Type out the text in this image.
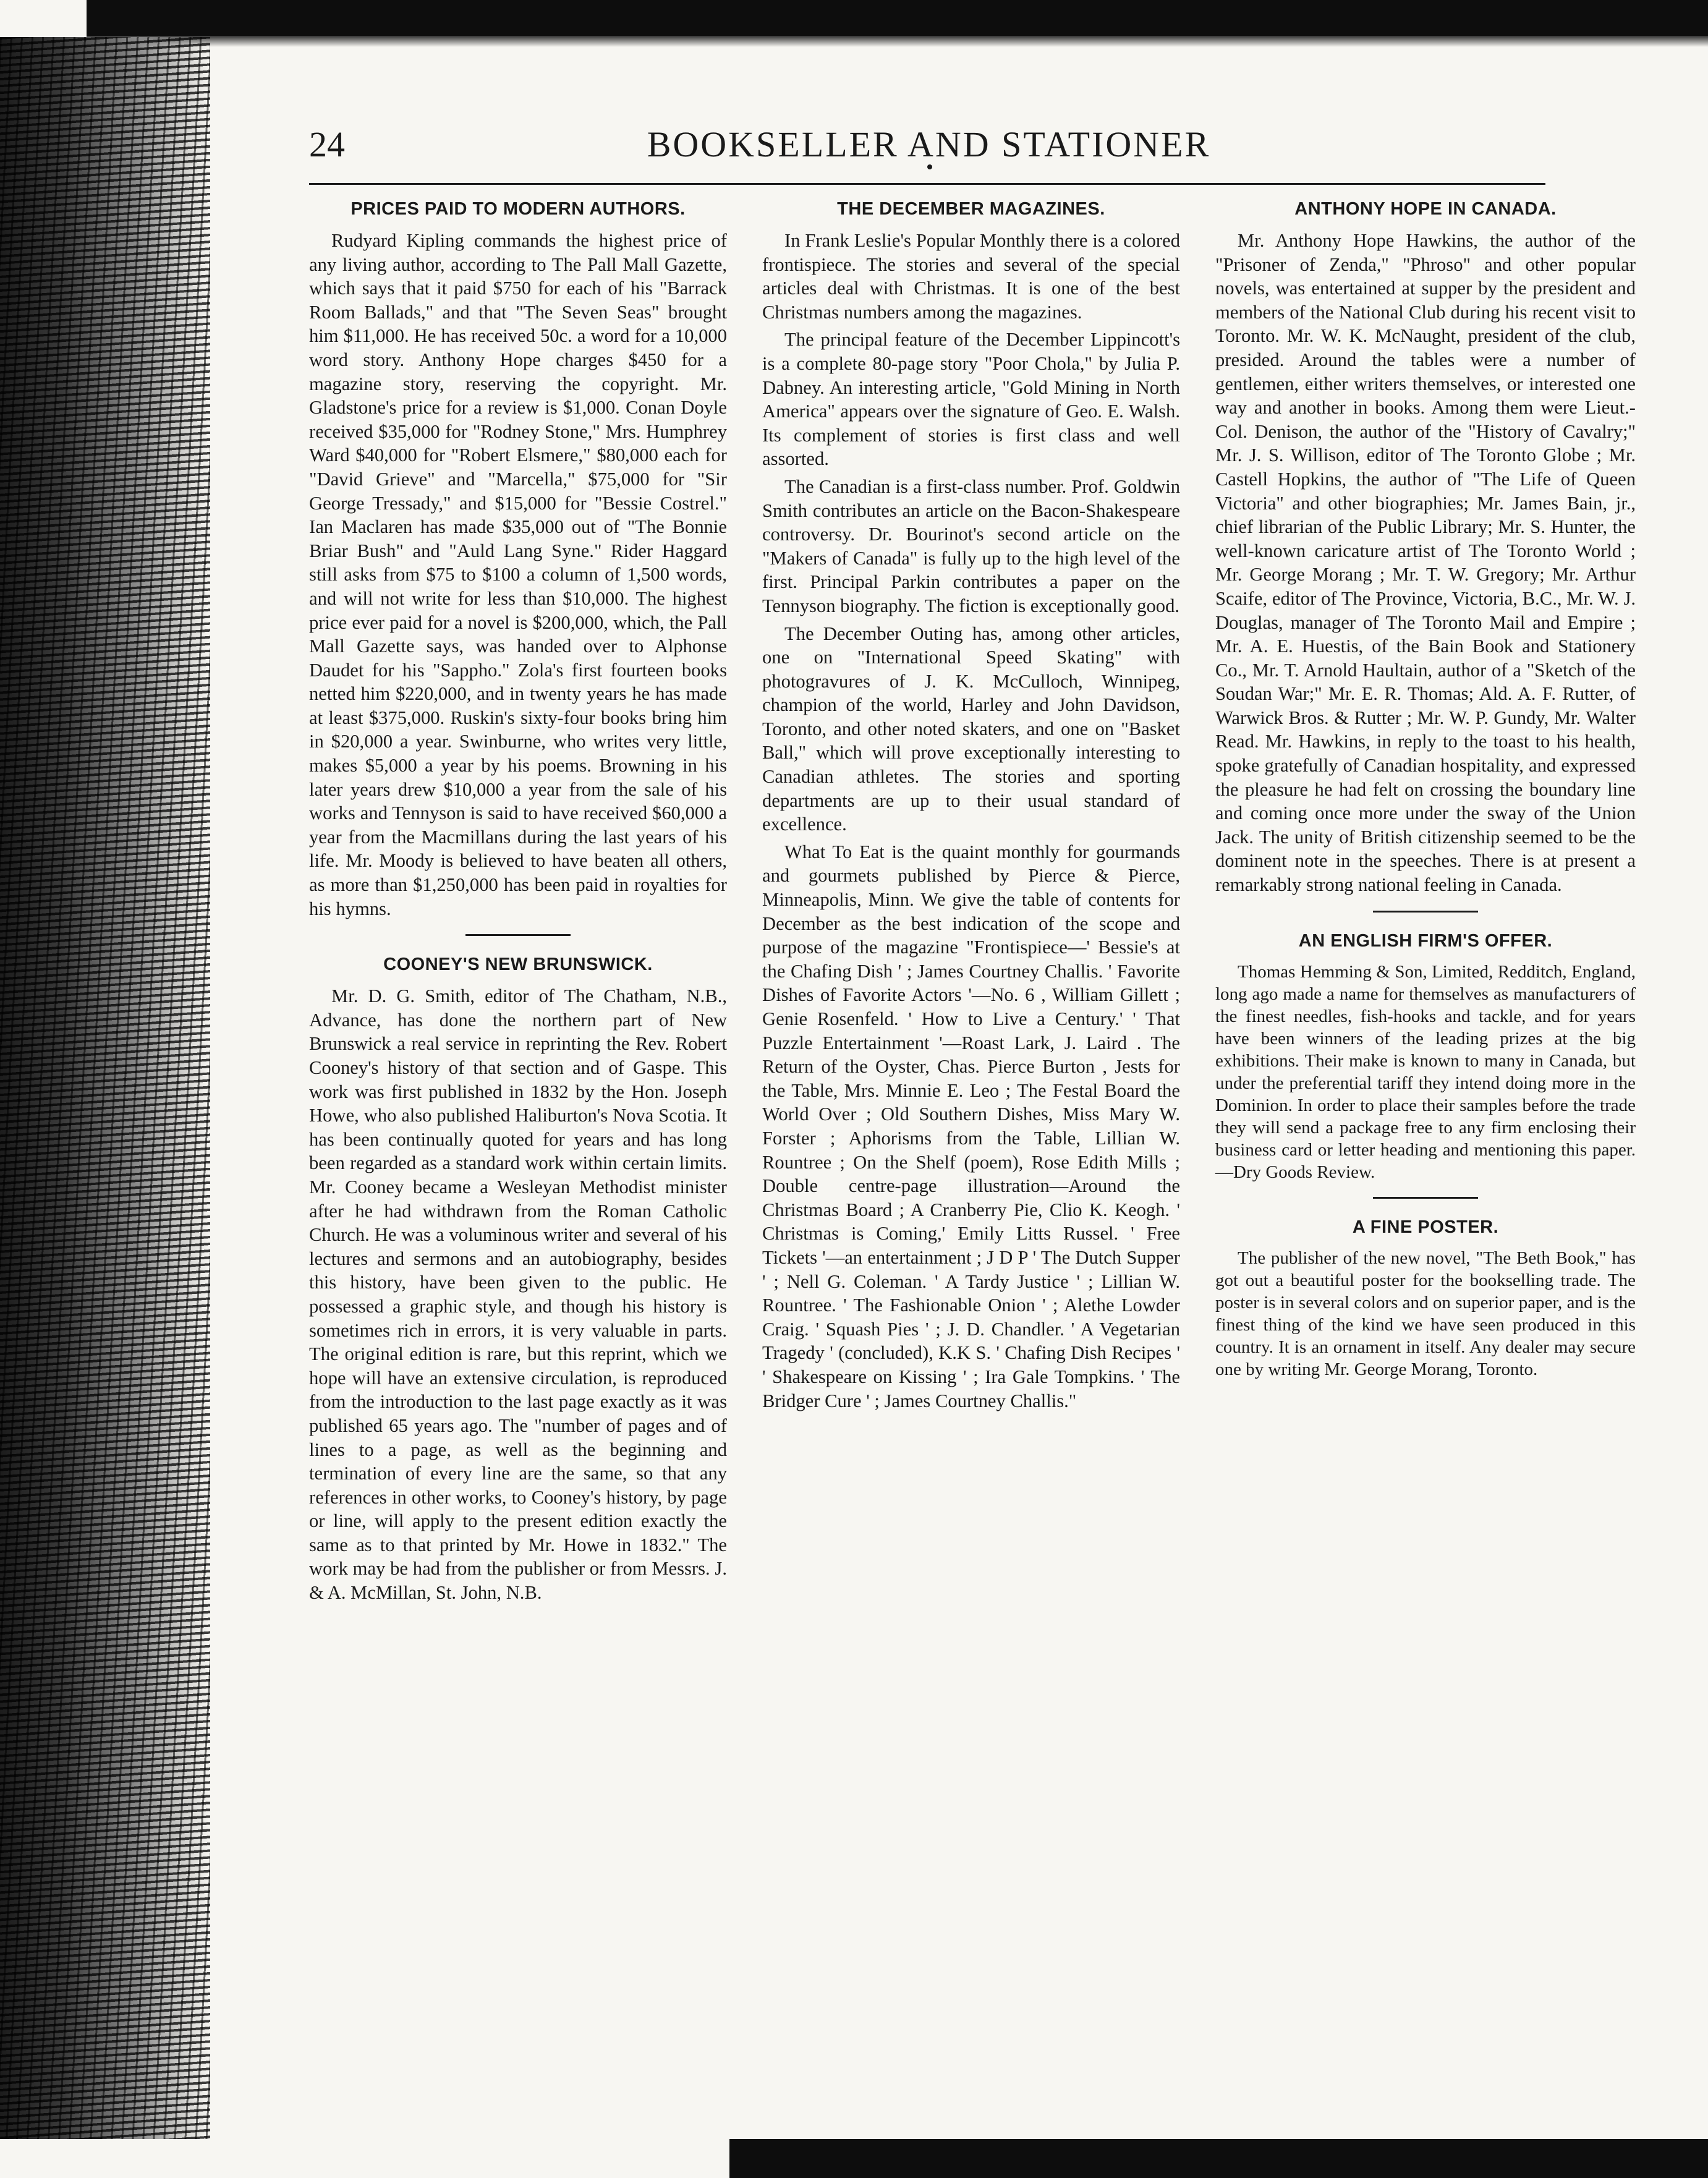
24	BOOKSELLER AND STATIONER
PRICES PAID TO MODERN AUTHORS.

Rudyard Kipling commands the highest price of any living author, according to The Pall Mall Gazette, which says that it paid $750 for each of his "Barrack Room Ballads," and that "The Seven Seas" brought him $11,000. He has received 50c. a word for a 10,000 word story. Anthony Hope charges $450 for a magazine story, reserving the copyright. Mr. Gladstone's price for a review is $1,000. Conan Doyle received $35,000 for "Rodney Stone," Mrs. Humphrey Ward $40,000 for "Robert Elsmere," $80,000 each for "David Grieve" and "Marcella," $75,000 for "Sir George Tressady," and $15,000 for "Bessie Costrel." Ian Maclaren has made $35,000 out of "The Bonnie Briar Bush" and "Auld Lang Syne." Rider Haggard still asks from $75 to $100 a column of 1,500 words, and will not write for less than $10,000. The highest price ever paid for a novel is $200,000, which, the Pall Mall Gazette says, was handed over to Alphonse Daudet for his "Sappho." Zola's first fourteen books netted him $220,000, and in twenty years he has made at least $375,000. Ruskin's sixty-four books bring him in $20,000 a year. Swinburne, who writes very little, makes $5,000 a year by his poems. Browning in his later years drew $10,000 a year from the sale of his works and Tennyson is said to have received $60,000 a year from the Macmillans during the last years of his life. Mr. Moody is believed to have beaten all others, as more than $1,250,000 has been paid in royalties for his hymns.

COONEY'S NEW BRUNSWICK.

Mr. D. G. Smith, editor of The Chatham, N.B., Advance, has done the northern part of New Brunswick a real service in reprinting the Rev. Robert Cooney's history of that section and of Gaspe. This work was first published in 1832 by the Hon. Joseph Howe, who also published Haliburton's Nova Scotia. It has been continually quoted for years and has long been regarded as a standard work within certain limits. Mr. Cooney became a Wesleyan Methodist minister after he had withdrawn from the Roman Catholic Church. He was a voluminous writer and several of his lectures and sermons and an autobiography, besides this history, have been given to the public. He possessed a graphic style, and though his history is sometimes rich in errors, it is very valuable in parts. The original edition is rare, but this reprint, which we hope will have an extensive circulation, is reproduced from the introduction to the last page exactly as it was published 65 years ago. The "number of pages and of lines to a page, as well as the beginning and termination of every line are the same, so that any references in other works, to Cooney's history, by page or line, will apply to the present edition exactly the same as to that printed by Mr. Howe in 1832." The work may be had from the publisher or from Messrs. J. & A. McMillan, St. John, N.B.

THE DECEMBER MAGAZINES.

In Frank Leslie's Popular Monthly there is a colored frontispiece. The stories and several of the special articles deal with Christmas. It is one of the best Christmas numbers among the magazines.

The principal feature of the December Lippincott's is a complete 80-page story "Poor Chola," by Julia P. Dabney. An interesting article, "Gold Mining in North America" appears over the signature of Geo. E. Walsh. Its complement of stories is first class and well assorted.

The Canadian is a first-class number. Prof. Goldwin Smith contributes an article on the Bacon-Shakespeare controversy. Dr. Bourinot's second article on the "Makers of Canada" is fully up to the high level of the first. Principal Parkin contributes a paper on the Tennyson biography. The fiction is exceptionally good.

The December Outing has, among other articles, one on "International Speed Skating" with photogravures of J. K. McCulloch, Winnipeg, champion of the world, Harley and John Davidson, Toronto, and other noted skaters, and one on "Basket Ball," which will prove exceptionally interesting to Canadian athletes. The stories and sporting departments are up to their usual standard of excellence.

What To Eat is the quaint monthly for gourmands and gourmets published by Pierce & Pierce, Minneapolis, Minn. We give the table of contents for December as the best indication of the scope and purpose of the magazine "Frontispiece—' Bessie's at the Chafing Dish ' ; James Courtney Challis. ' Favorite Dishes of Favorite Actors '—No. 6 , William Gillett ; Genie Rosenfeld. ' How to Live a Century.' ' That Puzzle Entertainment '—Roast Lark, J. Laird . The Return of the Oyster, Chas. Pierce Burton , Jests for the Table, Mrs. Minnie E. Leo ; The Festal Board the World Over ; Old Southern Dishes, Miss Mary W. Forster ; Aphorisms from the Table, Lillian W. Rountree ; On the Shelf (poem), Rose Edith Mills ; Double centre-page illustration—Around the Christmas Board ; A Cranberry Pie, Clio K. Keogh. ' Christmas is Coming,' Emily Litts Russel. ' Free Tickets '—an entertainment ; J D P ' The Dutch Supper ' ; Nell G. Coleman. ' A Tardy Justice ' ; Lillian W. Rountree. ' The Fashionable Onion ' ; Alethe Lowder Craig. ' Squash Pies ' ; J. D. Chandler. ' A Vegetarian Tragedy ' (concluded), K.K S. ' Chafing Dish Recipes ' ' Shakespeare on Kissing ' ; Ira Gale Tompkins. ' The Bridger Cure ' ; James Courtney Challis."

ANTHONY HOPE IN CANADA.

Mr. Anthony Hope Hawkins, the author of the "Prisoner of Zenda," "Phroso" and other popular novels, was entertained at supper by the president and members of the National Club during his recent visit to Toronto. Mr. W. K. McNaught, president of the club, presided. Around the tables were a number of gentlemen, either writers themselves, or interested one way and another in books. Among them were Lieut.-Col. Denison, the author of the "History of Cavalry;" Mr. J. S. Willison, editor of The Toronto Globe ; Mr. Castell Hopkins, the author of "The Life of Queen Victoria" and other biographies; Mr. James Bain, jr., chief librarian of the Public Library; Mr. S. Hunter, the well-known caricature artist of The Toronto World ; Mr. George Morang ; Mr. T. W. Gregory; Mr. Arthur Scaife, editor of The Province, Victoria, B.C., Mr. W. J. Douglas, manager of The Toronto Mail and Empire ; Mr. A. E. Huestis, of the Bain Book and Stationery Co., Mr. T. Arnold Haultain, author of a "Sketch of the Soudan War;" Mr. E. R. Thomas; Ald. A. F. Rutter, of Warwick Bros. & Rutter ; Mr. W. P. Gundy, Mr. Walter Read. Mr. Hawkins, in reply to the toast to his health, spoke gratefully of Canadian hospitality, and expressed the pleasure he had felt on crossing the boundary line and coming once more under the sway of the Union Jack. The unity of British citizenship seemed to be the dominent note in the speeches. There is at present a remarkably strong national feeling in Canada.

AN ENGLISH FIRM'S OFFER.

Thomas Hemming & Son, Limited, Redditch, England, long ago made a name for themselves as manufacturers of the finest needles, fish-hooks and tackle, and for years have been winners of the leading prizes at the big exhibitions. Their make is known to many in Canada, but under the preferential tariff they intend doing more in the Dominion. In order to place their samples before the trade they will send a package free to any firm enclosing their business card or letter heading and mentioning this paper.—Dry Goods Review.

A FINE POSTER.

The publisher of the new novel, "The Beth Book," has got out a beautiful poster for the bookselling trade. The poster is in several colors and on superior paper, and is the finest thing of the kind we have seen produced in this country. It is an ornament in itself. Any dealer may secure one by writing Mr. George Morang, Toronto.
